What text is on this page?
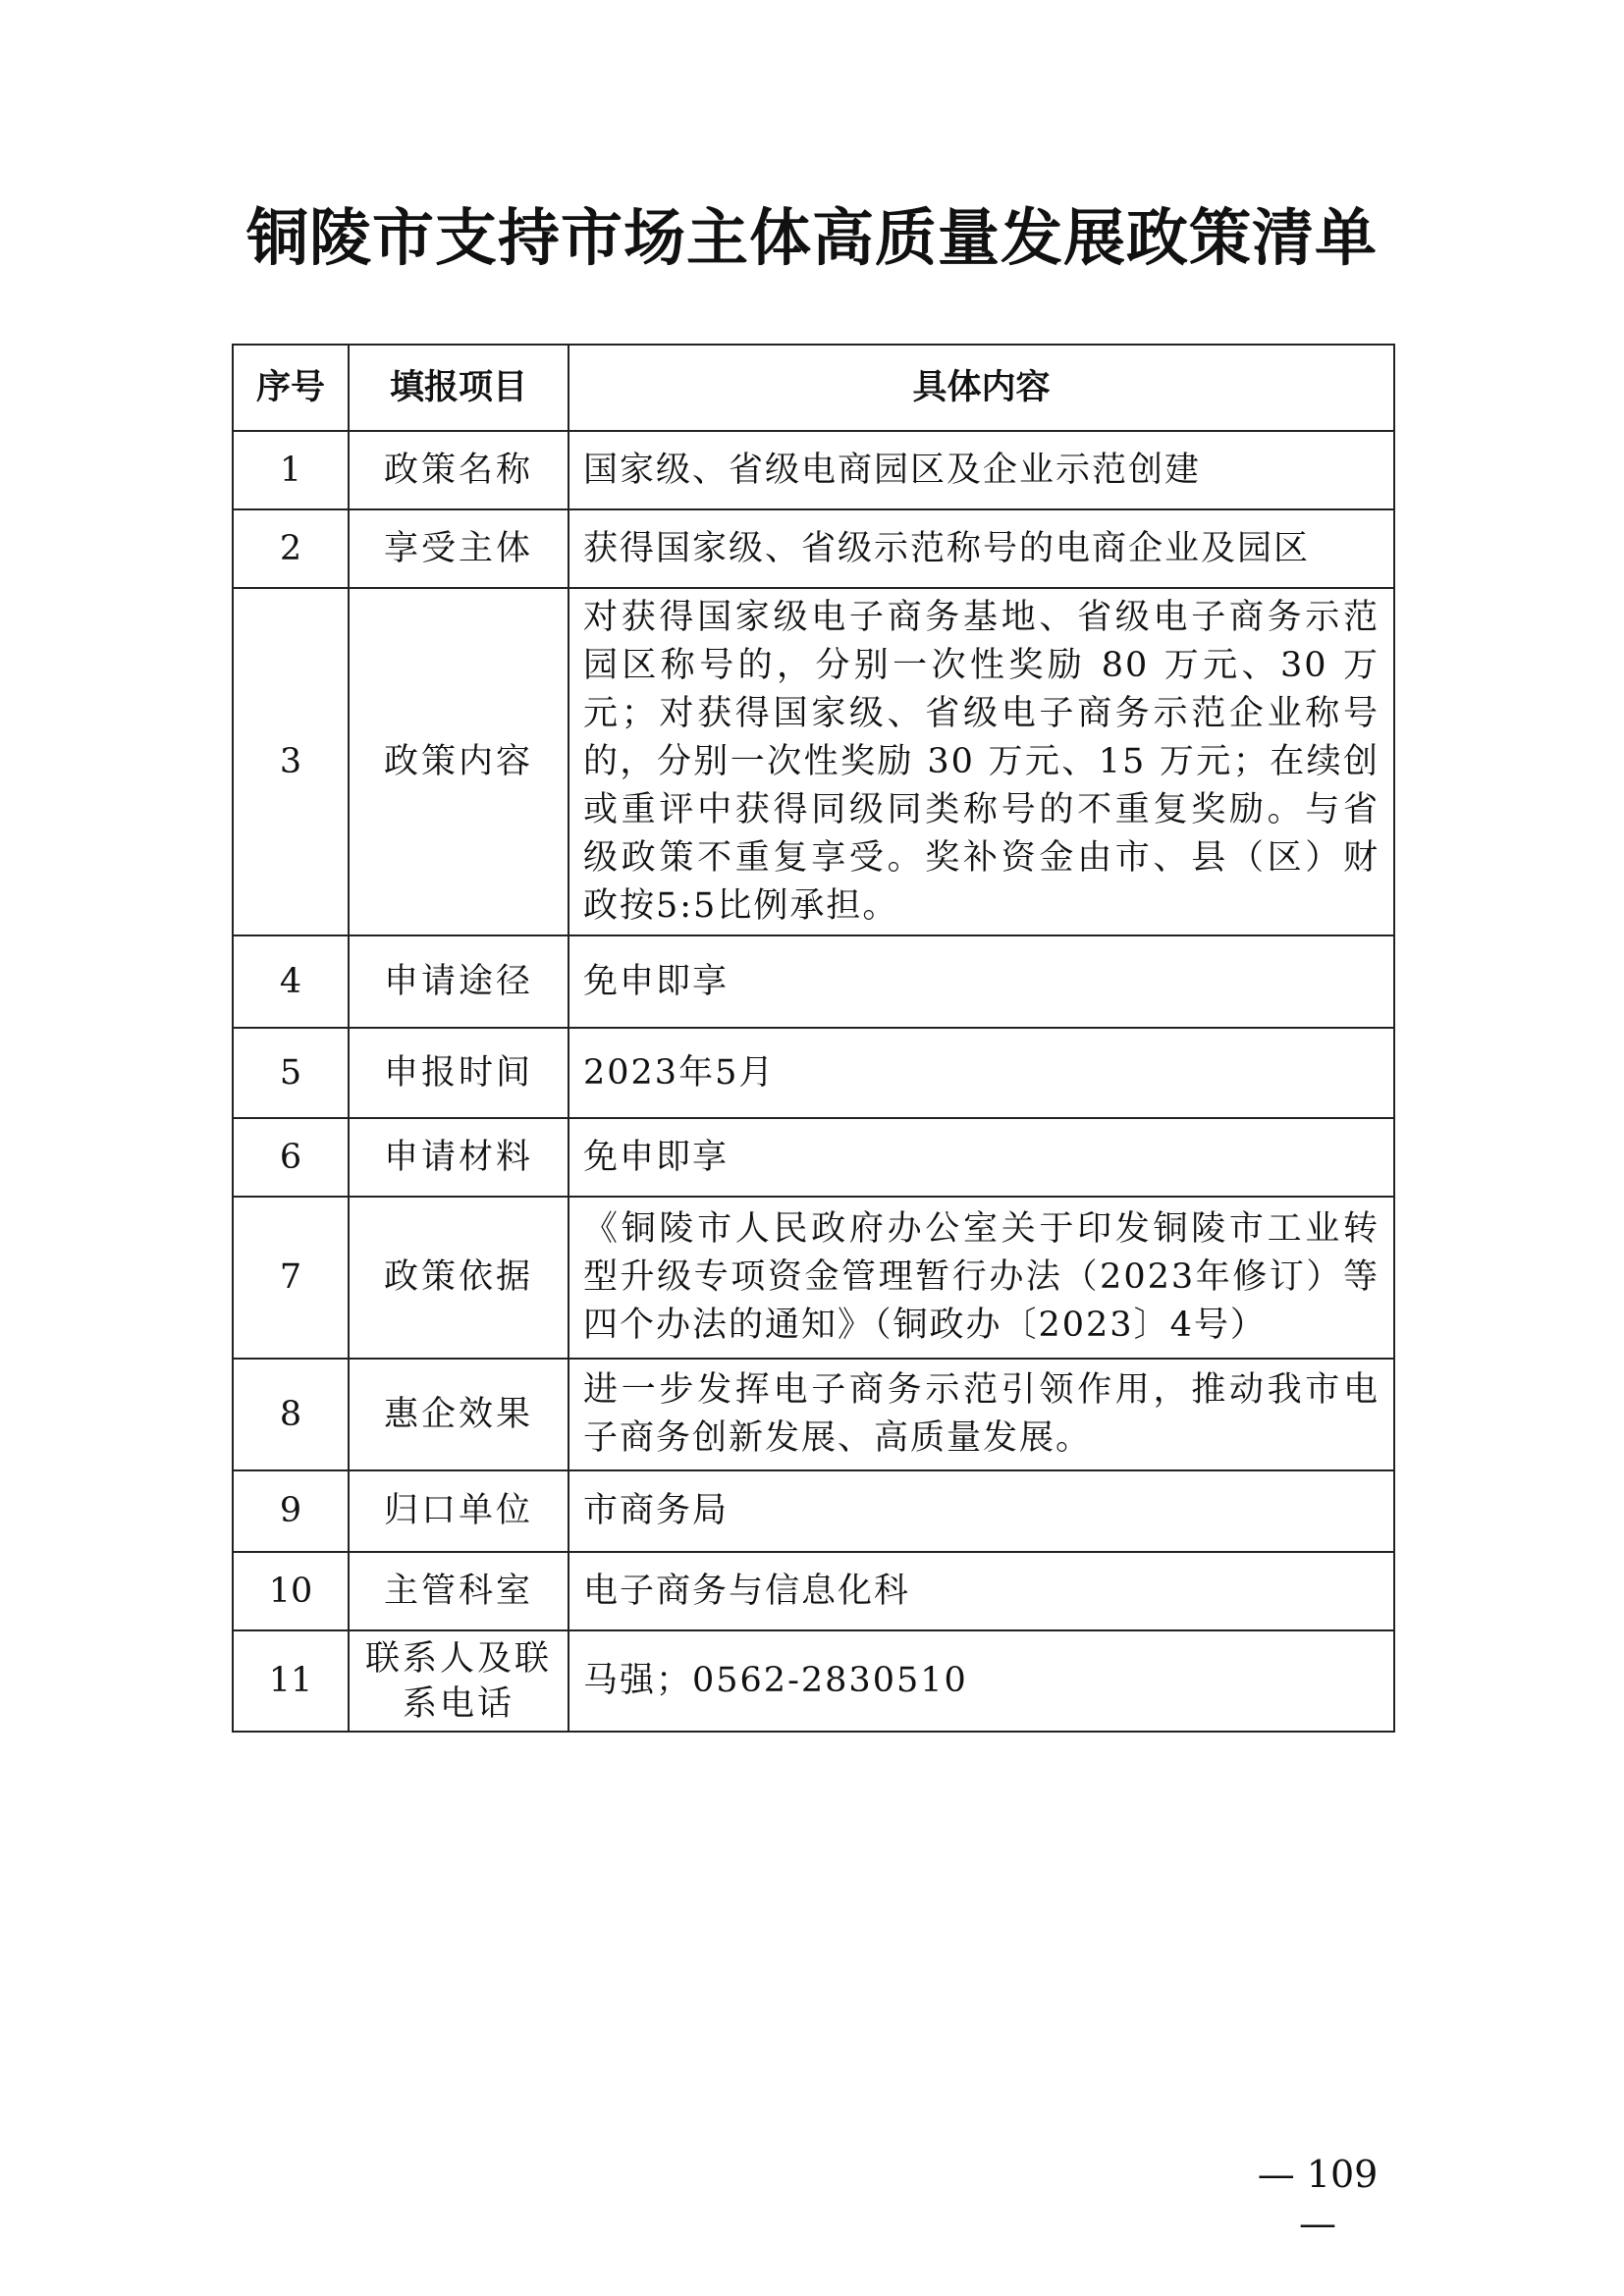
铜陵市支持市场主体高质量发展政策清单
序号	填报项目	具体内容
1	政策名称	国家级、省级电商园区及企业示范创建
2	享受主体	获得国家级、省级示范称号的电商企业及园区
3	政策内容	对获得国家级电子商务基地、省级电子商务示范园区称号的，分别一次性奖励 80 万元、30 万元；对获得国家级、省级电子商务示范企业称号的，分别一次性奖励 30 万元、15 万元；在续创或重评中获得同级同类称号的不重复奖励。与省级政策不重复享受。奖补资金由市、县（区）财政按5:5比例承担。
4	申请途径	免申即享
5	申报时间	2023年5月
6	申请材料	免申即享
7	政策依据	《铜陵市人民政府办公室关于印发铜陵市工业转型升级专项资金管理暂行办法（2023年修订）等四个办法的通知》（铜政办〔2023〕4号）
8	惠企效果	进一步发挥电子商务示范引领作用，推动我市电子商务创新发展、高质量发展。
9	归口单位	市商务局
10	主管科室	电子商务与信息化科
11	联系人及联系电话	马强；0562-2830510
— 109 —
